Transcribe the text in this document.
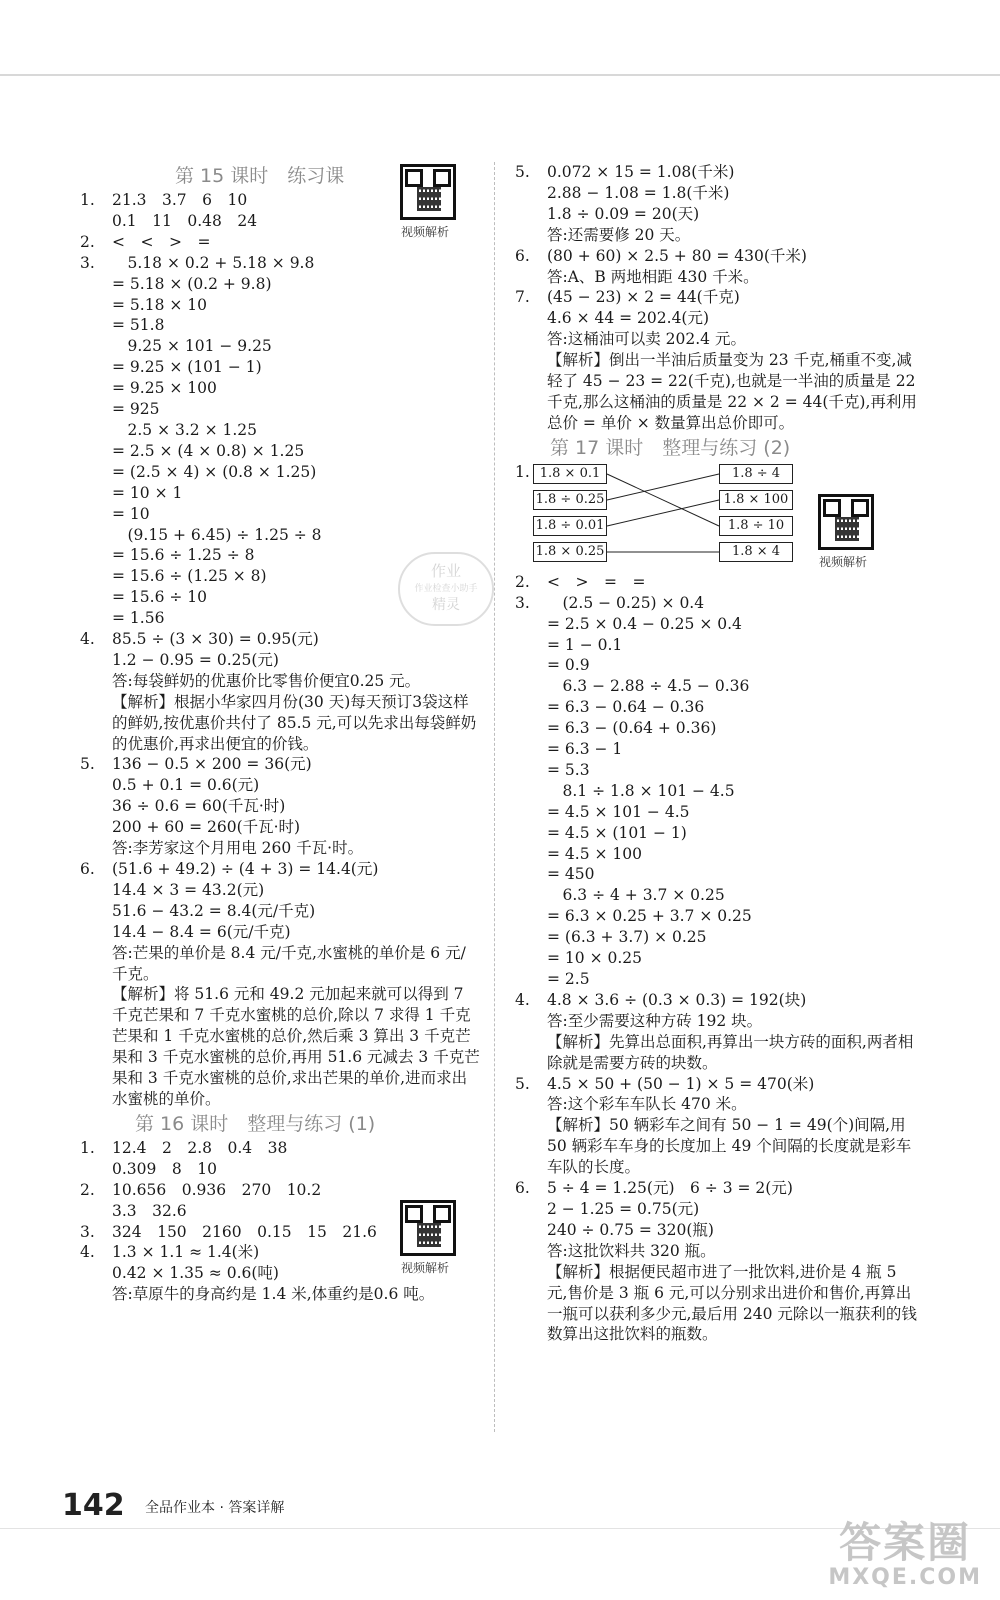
第 15 课时　练习课
1. 21.3　3.7　6　10
0.1　11　0.48　24
2. <　<　>　=
3.　5.18 × 0.2 + 5.18 × 9.8
= 5.18 × (0.2 + 9.8)
= 5.18 × 10
= 51.8
　9.25 × 101 − 9.25
= 9.25 × (101 − 1)
= 9.25 × 100
= 925
　2.5 × 3.2 × 1.25
= 2.5 × (4 × 0.8) × 1.25
= (2.5 × 4) × (0.8 × 1.25)
= 10 × 1
= 10
　(9.15 + 6.45) ÷ 1.25 ÷ 8
= 15.6 ÷ 1.25 ÷ 8
= 15.6 ÷ (1.25 × 8)
= 15.6 ÷ 10
= 1.56
4. 85.5 ÷ (3 × 30) = 0.95(元)
1.2 − 0.95 = 0.25(元)
答:每袋鲜奶的优惠价比零售价便宜0.25 元。
【解析】根据小华家四月份(30 天)每天预订3袋这样的鲜奶,按优惠价共付了 85.5 元,可以先求出每袋鲜奶的优惠价,再求出便宜的价钱。
5. 136 − 0.5 × 200 = 36(元)
0.5 + 0.1 = 0.6(元)
36 ÷ 0.6 = 60(千瓦·时)
200 + 60 = 260(千瓦·时)
答:李芳家这个月用电 260 千瓦·时。
6. (51.6 + 49.2) ÷ (4 + 3) = 14.4(元)
14.4 × 3 = 43.2(元)
51.6 − 43.2 = 8.4(元/千克)
14.4 − 8.4 = 6(元/千克)
答:芒果的单价是 8.4 元/千克,水蜜桃的单价是 6 元/千克。
【解析】将 51.6 元和 49.2 元加起来就可以得到 7 千克芒果和 7 千克水蜜桃的总价,除以 7 求得 1 千克芒果和 1 千克水蜜桃的总价,然后乘 3 算出 3 千克芒果和 3 千克水蜜桃的总价,再用 51.6 元减去 3 千克芒果和 3 千克水蜜桃的总价,求出芒果的单价,进而求出水蜜桃的单价。
第 16 课时　整理与练习 (1)
1. 12.4　2　2.8　0.4　38
0.309　8　10
2. 10.656　0.936　270　10.2
3.3　32.6
3. 324　150　2160　0.15　15　21.6
4. 1.3 × 1.1 ≈ 1.4(米)
0.42 × 1.35 ≈ 0.6(吨)
答:草原牛的身高约是 1.4 米,体重约是0.6 吨。
视频解析
视频解析
5. 0.072 × 15 = 1.08(千米)
2.88 − 1.08 = 1.8(千米)
1.8 ÷ 0.09 = 20(天)
答:还需要修 20 天。
6. (80 + 60) × 2.5 + 80 = 430(千米)
答:A、B 两地相距 430 千米。
7. (45 − 23) × 2 = 44(千克)
4.6 × 44 = 202.4(元)
答:这桶油可以卖 202.4 元。
【解析】倒出一半油后质量变为 23 千克,桶重不变,减轻了 45 − 23 = 22(千克),也就是一半油的质量是 22 千克,那么这桶油的质量是 22 × 2 = 44(千克),再利用总价 = 单价 × 数量算出总价即可。
第 17 课时　整理与练习 (2)
1. 1.8 × 0.1
1.8 ÷ 0.25
1.8 ÷ 0.01
1.8 × 0.25
1.8 ÷ 4
1.8 × 100
1.8 ÷ 10
1.8 × 4
2. <　>　=　=
3.　(2.5 − 0.25) × 0.4
= 2.5 × 0.4 − 0.25 × 0.4
= 1 − 0.1
= 0.9
　6.3 − 2.88 ÷ 4.5 − 0.36
= 6.3 − 0.64 − 0.36
= 6.3 − (0.64 + 0.36)
= 6.3 − 1
= 5.3
　8.1 ÷ 1.8 × 101 − 4.5
= 4.5 × 101 − 4.5
= 4.5 × (101 − 1)
= 4.5 × 100
= 450
　6.3 ÷ 4 + 3.7 × 0.25
= 6.3 × 0.25 + 3.7 × 0.25
= (6.3 + 3.7) × 0.25
= 10 × 0.25
= 2.5
4. 4.8 × 3.6 ÷ (0.3 × 0.3) = 192(块)
答:至少需要这种方砖 192 块。
【解析】先算出总面积,再算出一块方砖的面积,两者相除就是需要方砖的块数。
5. 4.5 × 50 + (50 − 1) × 5 = 470(米)
答:这个彩车车队长 470 米。
【解析】50 辆彩车之间有 50 − 1 = 49(个)间隔,用 50 辆彩车车身的长度加上 49 个间隔的长度就是彩车车队的长度。
6. 5 ÷ 4 = 1.25(元)　6 ÷ 3 = 2(元)
2 − 1.25 = 0.75(元)
240 ÷ 0.75 = 320(瓶)
答:这批饮料共 320 瓶。
【解析】根据便民超市进了一批饮料,进价是 4 瓶 5 元,售价是 3 瓶 6 元,可以分别求出进价和售价,再算出一瓶可以获利多少元,最后用 240 元除以一瓶获利的钱数算出这批饮料的瓶数。
视频解析
作业
作业检查小助手
精灵
142 全品作业本 · 答案详解
答案圈
MXQE.COM
